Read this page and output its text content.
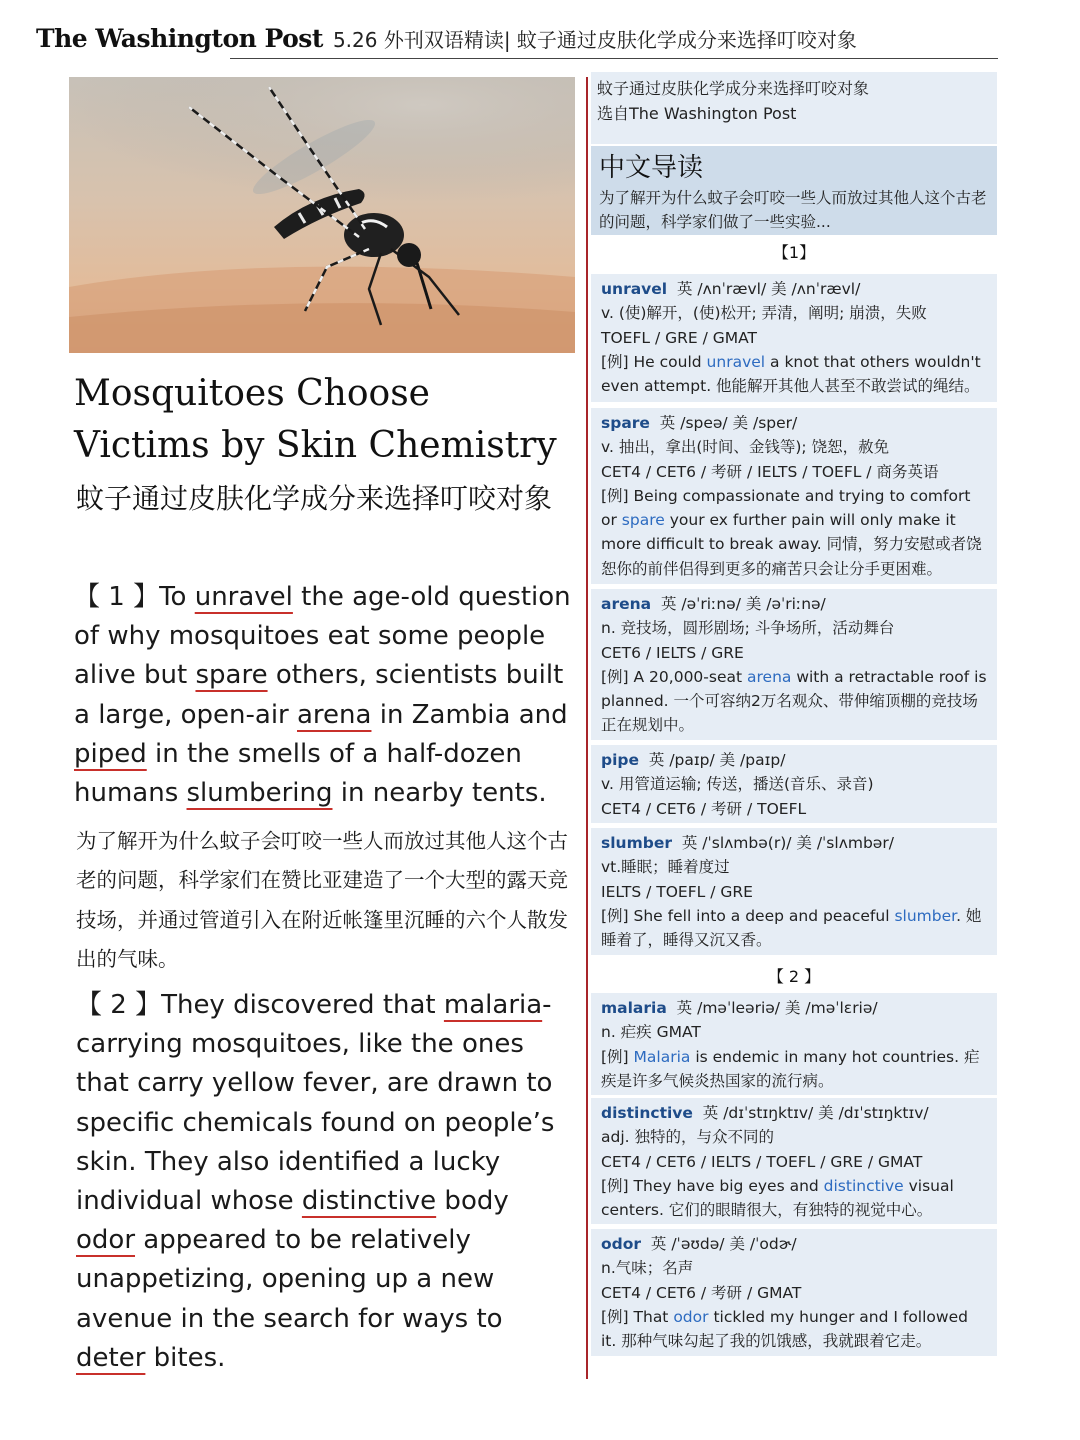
The Washington Post 5.26 外刊双语精读| 蚊子通过皮肤化学成分来选择叮咬对象
Mosquitoes Choose Victims by Skin Chemistry
蚊子通过皮肤化学成分来选择叮咬对象

【 1 】To unravel the age-old question of why mosquitoes eat some people alive but spare others, scientists built a large, open-air arena in Zambia and piped in the smells of a half-dozen humans slumbering in nearby tents.

为了解开为什么蚊子会叮咬一些人而放过其他人这个古老的问题，科学家们在赞比亚建造了一个大型的露天竞技场，并通过管道引入在附近帐篷里沉睡的六个人散发出的气味。

【 2 】They discovered that malaria-carrying mosquitoes, like the ones that carry yellow fever, are drawn to specific chemicals found on people’s skin. They also identified a lucky individual whose distinctive body odor appeared to be relatively unappetizing, opening up a new avenue in the search for ways to deter bites.

蚊子通过皮肤化学成分来选择叮咬对象
选自The Washington Post
中文导读
为了解开为什么蚊子会叮咬一些人而放过其他人这个古老的问题，科学家们做了一些实验...
【1】

unravel 英 /ʌnˈrævl/ 美 /ʌnˈrævl/

v. (使)解开，(使)松开; 弄清，阐明; 崩溃，失败

TOEFL / GRE / GMAT

[例] He could unravel a knot that others wouldn't even attempt. 他能解开其他人甚至不敢尝试的绳结。

spare 英 /speə/ 美 /sper/

v. 抽出，拿出(时间、金钱等); 饶恕，赦免

CET4 / CET6 / 考研 / IELTS / TOEFL / 商务英语

[例] Being compassionate and trying to comfort or spare your ex further pain will only make it more difficult to break away. 同情，努力安慰或者饶恕你的前伴侣得到更多的痛苦只会让分手更困难。

arena 英 /əˈriːnə/ 美 /əˈriːnə/

n. 竞技场，圆形剧场; 斗争场所，活动舞台

CET6 / IELTS / GRE

[例] A 20,000-seat arena with a retractable roof is planned. 一个可容纳2万名观众、带伸缩顶棚的竞技场正在规划中。

pipe 英 /paɪp/ 美 /paɪp/

v. 用管道运输; 传送，播送(音乐、录音)

CET4 / CET6 / 考研 / TOEFL

slumber 英 /ˈslʌmbə(r)/ 美 /ˈslʌmbər/

vt.睡眠；睡着度过

IELTS / TOEFL / GRE

[例] She fell into a deep and peaceful slumber. 她睡着了，睡得又沉又香。

【 2 】

malaria 英 /məˈleəriə/ 美 /məˈlɛriə/

n. 疟疾 GMAT

[例] Malaria is endemic in many hot countries. 疟疾是许多气候炎热国家的流行病。

distinctive 英 /dɪˈstɪŋktɪv/ 美 /dɪˈstɪŋktɪv/

adj. 独特的，与众不同的

CET4 / CET6 / IELTS / TOEFL / GRE / GMAT

[例] They have big eyes and distinctive visual centers. 它们的眼睛很大，有独特的视觉中心。

odor 英 /ˈəʊdə/ 美 /ˈodɚ/

n.气味；名声

CET4 / CET6 / 考研 / GMAT

[例] That odor tickled my hunger and I followed it. 那种气味勾起了我的饥饿感，我就跟着它走。
